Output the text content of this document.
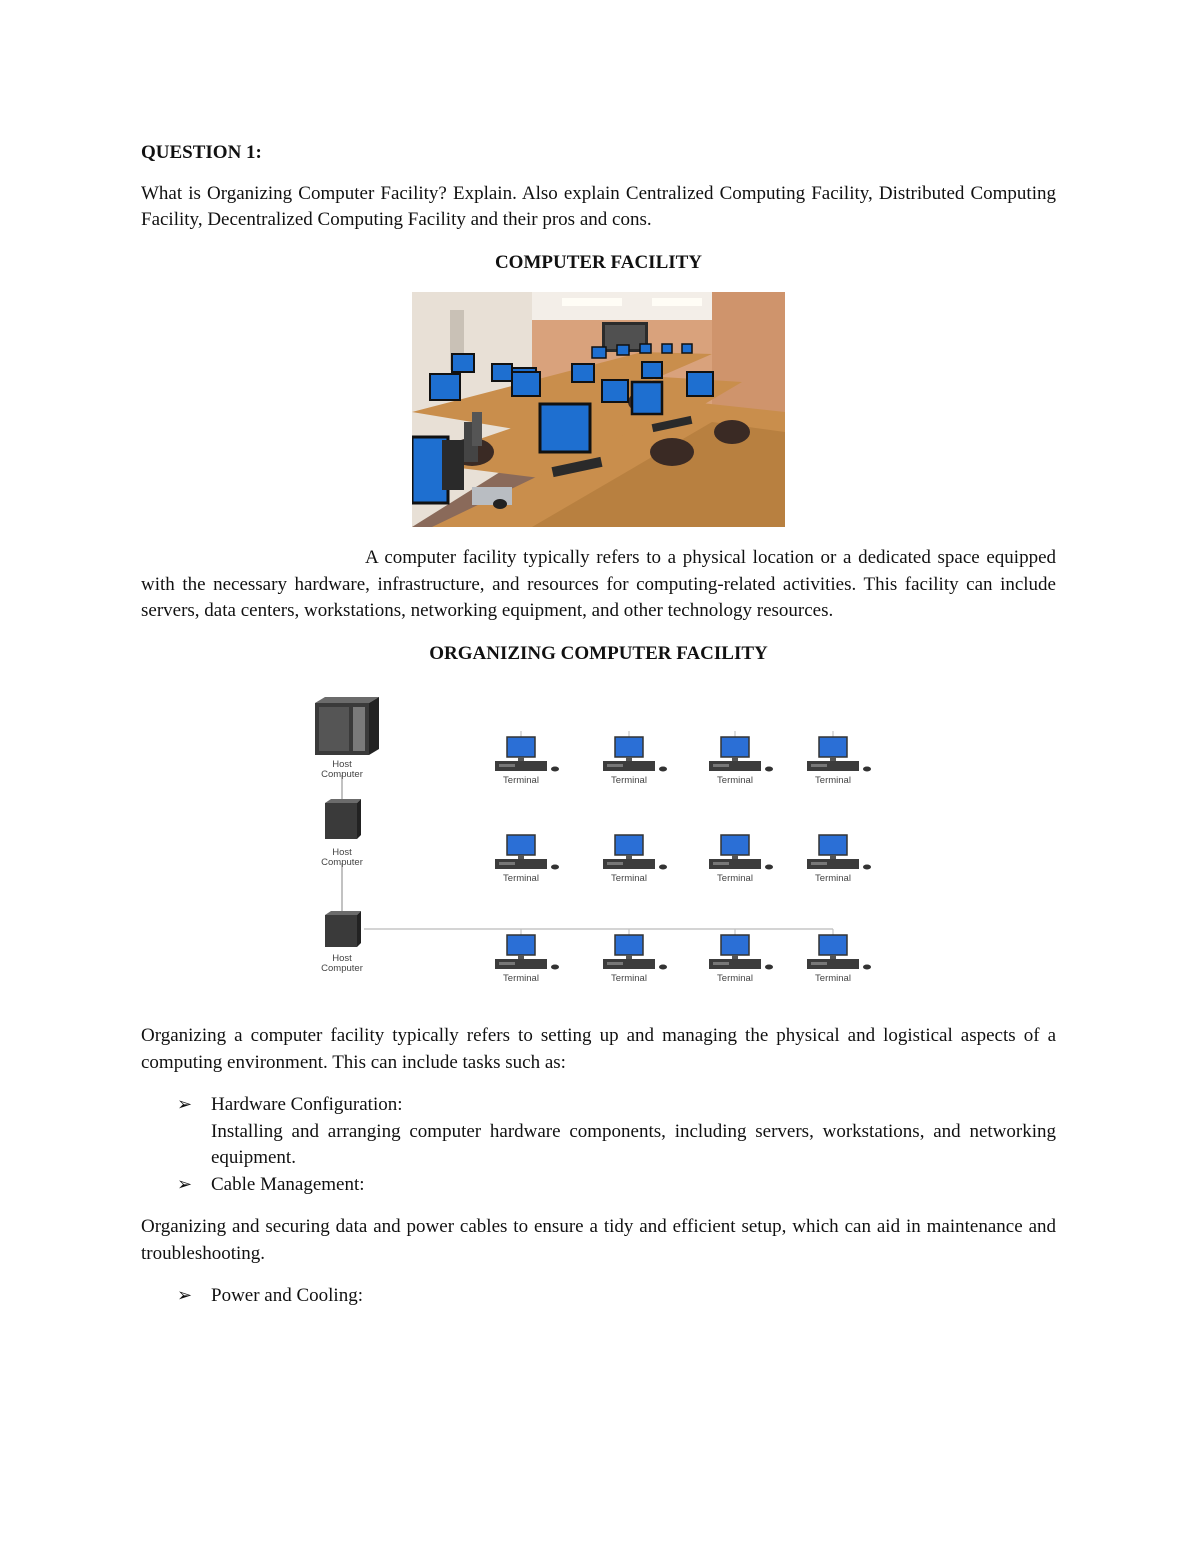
QUESTION 1:

What is Organizing Computer Facility? Explain. Also explain Centralized Computing Facility, Distributed Computing Facility, Decentralized Computing Facility and their pros and cons.

COMPUTER FACILITY

A computer facility typically refers to a physical location or a dedicated space equipped with the necessary hardware, infrastructure, and resources for computing-related activities. This facility can include servers, data centers, workstations, networking equipment, and other technology resources.

ORGANIZING COMPUTER FACILITY

Host
Computer
Host
Computer
Host
Computer
Terminal	Terminal	Terminal	Terminal
Terminal	Terminal	Terminal	Terminal
Terminal	Terminal	Terminal	Terminal

Organizing a computer facility typically refers to setting up and managing the physical and logistical aspects of a computing environment. This can include tasks such as:

➢ Hardware Configuration:
Installing and arranging computer hardware components, including servers, workstations, and networking equipment.
➢ Cable Management:

Organizing and securing data and power cables to ensure a tidy and efficient setup, which can aid in maintenance and troubleshooting.

➢ Power and Cooling:
